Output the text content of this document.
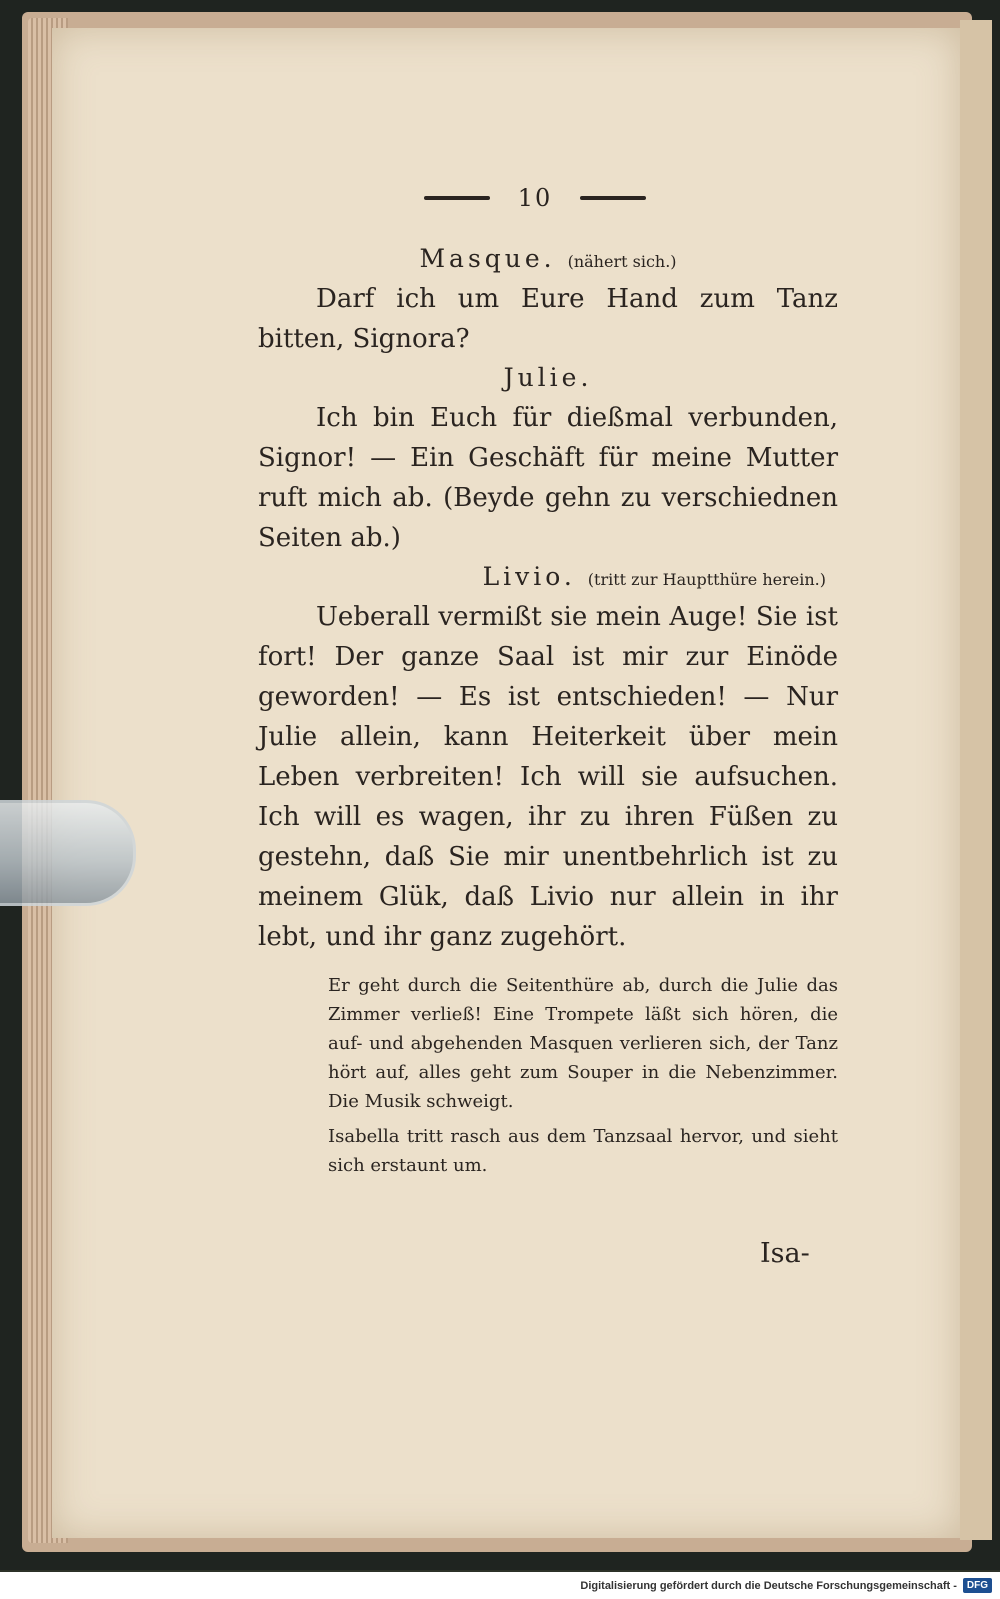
10
Masque. (nähert sich.)

Darf ich um Eure Hand zum Tanz bitten, Signora?

Julie.

Ich bin Euch für dießmal verbunden, Signor! — Ein Geschäft für meine Mutter ruft mich ab. (Beyde gehn zu verschiednen Seiten ab.)

Livio. (tritt zur Hauptthüre herein.)

Ueberall vermißt sie mein Auge! Sie ist fort! Der ganze Saal ist mir zur Einöde geworden! — Es ist entschieden! — Nur Julie allein, kann Heiterkeit über mein Leben verbreiten! Ich will sie aufsuchen. Ich will es wagen, ihr zu ihren Füßen zu gestehn, daß Sie mir unentbehrlich ist zu meinem Glük, daß Livio nur allein in ihr lebt, und ihr ganz zugehört.

Er geht durch die Seitenthüre ab, durch die Julie das Zimmer verließ! Eine Trompete läßt sich hören, die auf- und abgehenden Masquen verlieren sich, der Tanz hört auf, alles geht zum Souper in die Nebenzimmer. Die Musik schweigt.

Isabella tritt rasch aus dem Tanzsaal hervor, und sieht sich erstaunt um.

Isa-
Digitalisierung gefördert durch die Deutsche Forschungsgemeinschaft -	DFG
